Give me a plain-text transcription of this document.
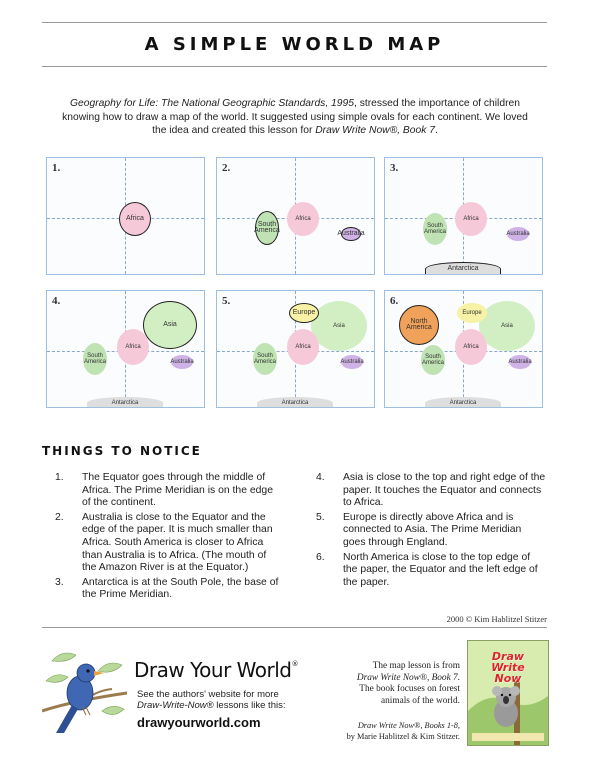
A SIMPLE WORLD MAP
Geography for Life: The National Geographic Standards, 1995, stressed the importance of children knowing how to draw a map of the world. It suggested using simple ovals for each continent. We loved the idea and created this lesson for Draw Write Now®, Book 7.
1.
Africa
2.
Africa
South
America	Australia
3.
Africa
South
America	Australia
Antarctica
4.
Asia
Africa
South
America	Australia
Antarctica
5.
Asia
Europe
Africa
South
America	Australia
Antarctica
6.
Asia
Europe
North
America
Africa
South
America	Australia
Antarctica
THINGS TO NOTICE
1. The Equator goes through the middle of Africa. The Prime Meridian is on the edge of the continent.
2. Australia is close to the Equator and the edge of the paper. It is much smaller than Africa. South America is closer to Africa than Australia is to Africa. (The mouth of the Amazon River is at the Equator.)
3. Antarctica is at the South Pole, the base of the Prime Meridian.
4. Asia is close to the top and right edge of the paper. It touches the Equator and connects to Africa.
5. Europe is directly above Africa and is connected to Asia. The Prime Meridian goes through England.
6. North America is close to the top edge of the paper, the Equator and the left edge of the paper.
2000 © Kim Hablitzel Stitzer
Draw Your World®
See the authors' website for more
Draw-Write-Now® lessons like this:
drawyourworld.com
The map lesson is from
Draw Write Now®, Book 7.
The book focuses on forest
animals of the world.
Draw Write Now®, Books 1-8,
by Marie Hablitzel & Kim Stitzer.
Draw
Write
Now
